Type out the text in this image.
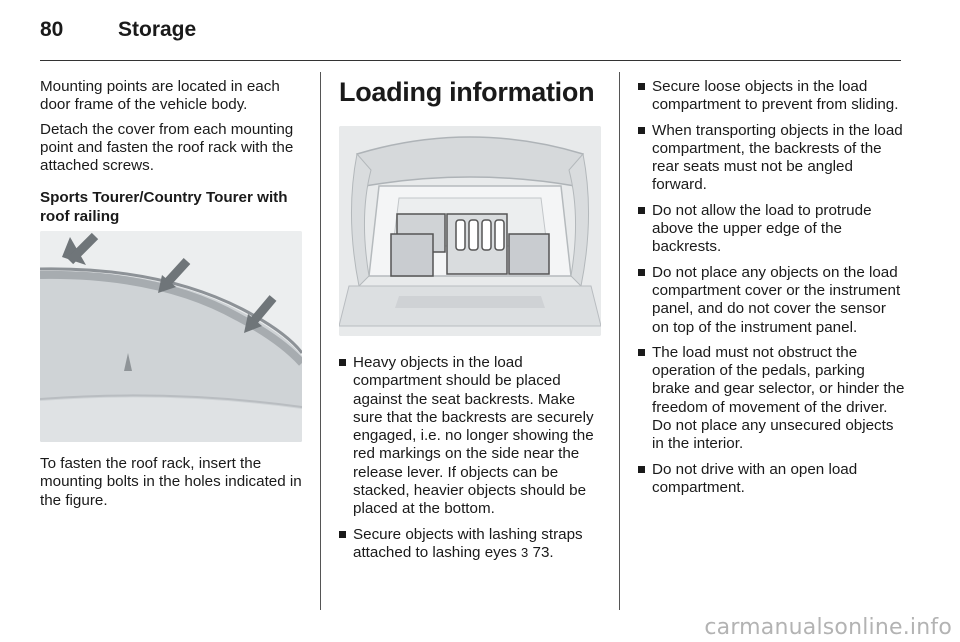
80	Storage

Mounting points are located in each door frame of the vehicle body.

Detach the cover from each mounting point and fasten the roof rack with the attached screws.

Sports Tourer/Country Tourer with roof railing

To fasten the roof rack, insert the mounting bolts in the holes indicated in the figure.

Loading information
Heavy objects in the load compartment should be placed against the seat backrests. Make sure that the backrests are securely engaged, i.e. no longer showing the red markings on the side near the release lever. If objects can be stacked, heavier objects should be placed at the bottom.
Secure objects with lashing straps attached to lashing eyes 3 73.
Secure loose objects in the load compartment to prevent from sliding.
When transporting objects in the load compartment, the backrests of the rear seats must not be angled forward.
Do not allow the load to protrude above the upper edge of the backrests.
Do not place any objects on the load compartment cover or the instrument panel, and do not cover the sensor on top of the instrument panel.
The load must not obstruct the operation of the pedals, parking brake and gear selector, or hinder the freedom of movement of the driver. Do not place any unsecured objects in the interior.
Do not drive with an open load compartment.
carmanualsonline.info
